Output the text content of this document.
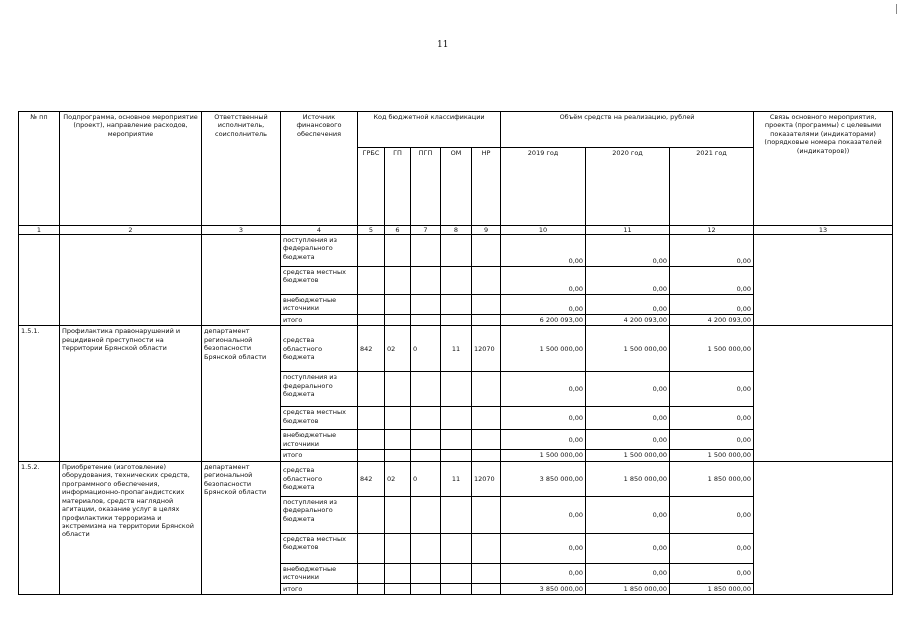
11
№ пп	Подпрограмма, основное мероприятие (проект), направление расходов, мероприятие	Ответственный исполнитель, соисполнитель	Источник финансового обеспечения	Код бюджетной классификации					Объём средств на реализацию, рублей			Связь основного мероприятия, проекта (программы) с целевыми показателями (индикаторами) (порядковые номера показателей (индикаторов))
				ГРБС	ГП	ПГП	ОМ	НР	2019 год	2020 год	2021 год	
1	2	3	4	5	6	7	8	9	10	11	12	13
			поступления из федерального бюджета						0,00	0,00	0,00	
			средства местных бюджетов						0,00	0,00	0,00	
			внебюджетные источники						0,00	0,00	0,00	
			итого						6 200 093,00	4 200 093,00	4 200 093,00	
1.5.1.	Профилактика правонарушений и рецидивной преступности на территории Брянской области	департамент региональной безопасности Брянской области	средства областного бюджета	842	02	0	11	12070	1 500 000,00	1 500 000,00	1 500 000,00	
			поступления из федерального бюджета						0,00	0,00	0,00	
			средства местных бюджетов						0,00	0,00	0,00	
			внебюджетные источники						0,00	0,00	0,00	
			итого						1 500 000,00	1 500 000,00	1 500 000,00	
1.5.2.	Приобретение (изготовление) оборудования, технических средств, программного обеспечения, информационно-пропагандистских материалов, средств наглядной агитации, оказание услуг в целях профилактики терроризма и экстремизма на территории Брянской области	департамент региональной безопасности Брянской области	средства областного бюджета	842	02	0	11	12070	3 850 000,00	1 850 000,00	1 850 000,00	
			поступления из федерального бюджета						0,00	0,00	0,00	
			средства местных бюджетов						0,00	0,00	0,00	
			внебюджетные источники						0,00	0,00	0,00	
			итого						3 850 000,00	1 850 000,00	1 850 000,00	
